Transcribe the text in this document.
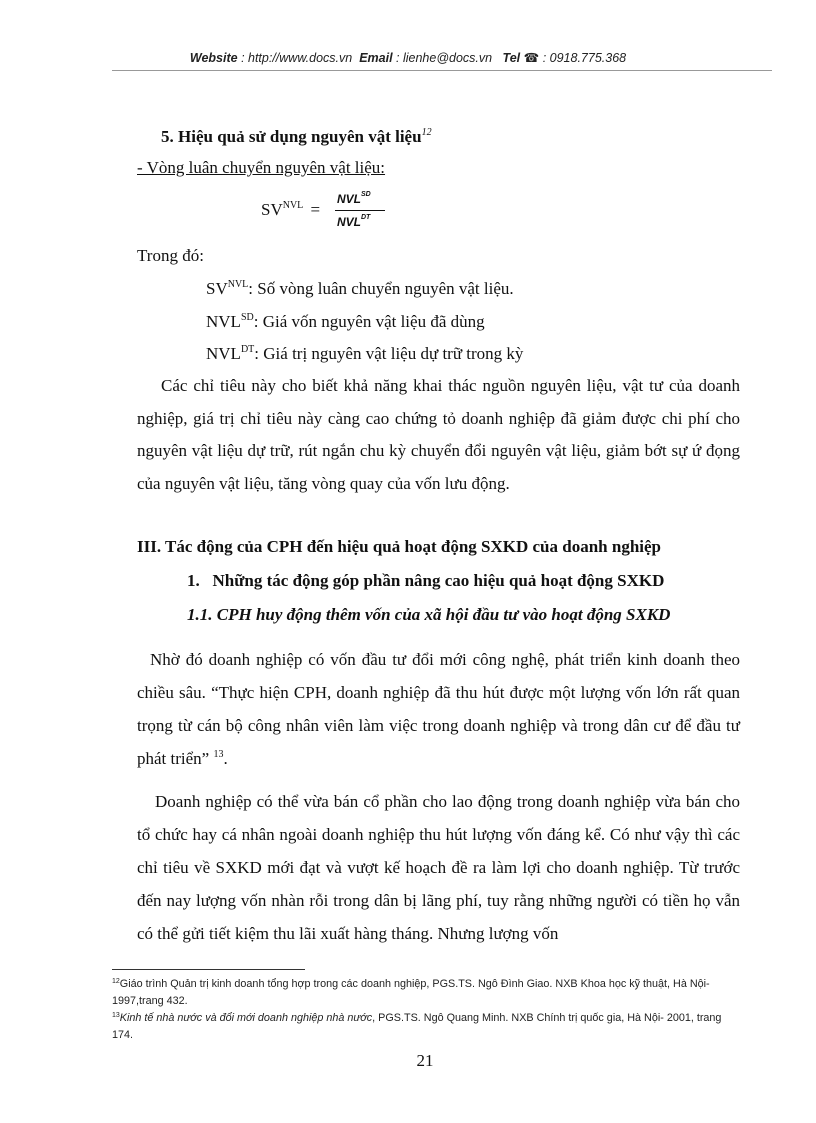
Website : http://www.docs.vn Email : lienhe@docs.vn Tel ☎ : 0918.775.368
5. Hiệu quả sử dụng nguyên vật liệu$^{12}$
- Vòng luân chuyển nguyên vật liệu:
$SV^{NVL}$ =
$NVL^{SD}$
$NVL^{DT}$
Trong đó:
$SV^{NVL}$: Số vòng luân chuyển nguyên vật liệu.
$NVL^{SD}$: Giá vốn nguyên vật liệu đã dùng
$NVL^{DT}$: Giá trị nguyên vật liệu dự trữ trong kỳ
Các chỉ tiêu này cho biết khả năng khai thác nguồn nguyên liệu, vật tư của doanh nghiệp, giá trị chỉ tiêu này càng cao chứng tỏ doanh nghiệp đã giảm được chi phí cho nguyên vật liệu dự trữ, rút ngắn chu kỳ chuyển đổi nguyên vật liệu, giảm bớt sự ứ đọng của nguyên vật liệu, tăng vòng quay của vốn lưu động.
III. Tác động của CPH đến hiệu quả hoạt động SXKD của doanh nghiệp
1.   Những tác động góp phần nâng cao hiệu quả hoạt động SXKD
1.1. CPH huy động thêm vốn của xã hội đầu tư vào hoạt động SXKD
Nhờ đó doanh nghiệp có vốn đầu tư đổi mới công nghệ, phát triển kinh doanh theo chiều sâu. “Thực hiện CPH, doanh nghiệp đã thu hút được một lượng vốn lớn rất quan trọng từ cán bộ công nhân viên làm việc trong doanh nghiệp và trong dân cư để đầu tư phát triển” $^{13}$.
Doanh nghiệp có thể vừa bán cổ phần cho lao động trong doanh nghiệp vừa bán cho tổ chức hay cá nhân ngoài doanh nghiệp thu hút lượng vốn đáng kể. Có như vậy thì các chỉ tiêu về SXKD mới đạt và vượt kế hoạch đề ra làm lợi cho doanh nghiệp. Từ trước đến nay lượng vốn nhàn rỗi trong dân bị lãng phí, tuy rằng những người có tiền họ vẫn có thể gửi tiết kiệm thu lãi xuất hàng tháng. Nhưng lượng vốn
$^{12}$Giáo trình Quản trị kinh doanh tổng hợp trong các doanh nghiệp, PGS.TS. Ngô Đình Giao. NXB Khoa học kỹ thuật, Hà Nội- 1997,trang 432.
$^{13}$Kinh tế nhà nước và đổi mới doanh nghiệp nhà nước, PGS.TS. Ngô Quang Minh. NXB Chính trị quốc gia, Hà Nội- 2001, trang 174.
21
